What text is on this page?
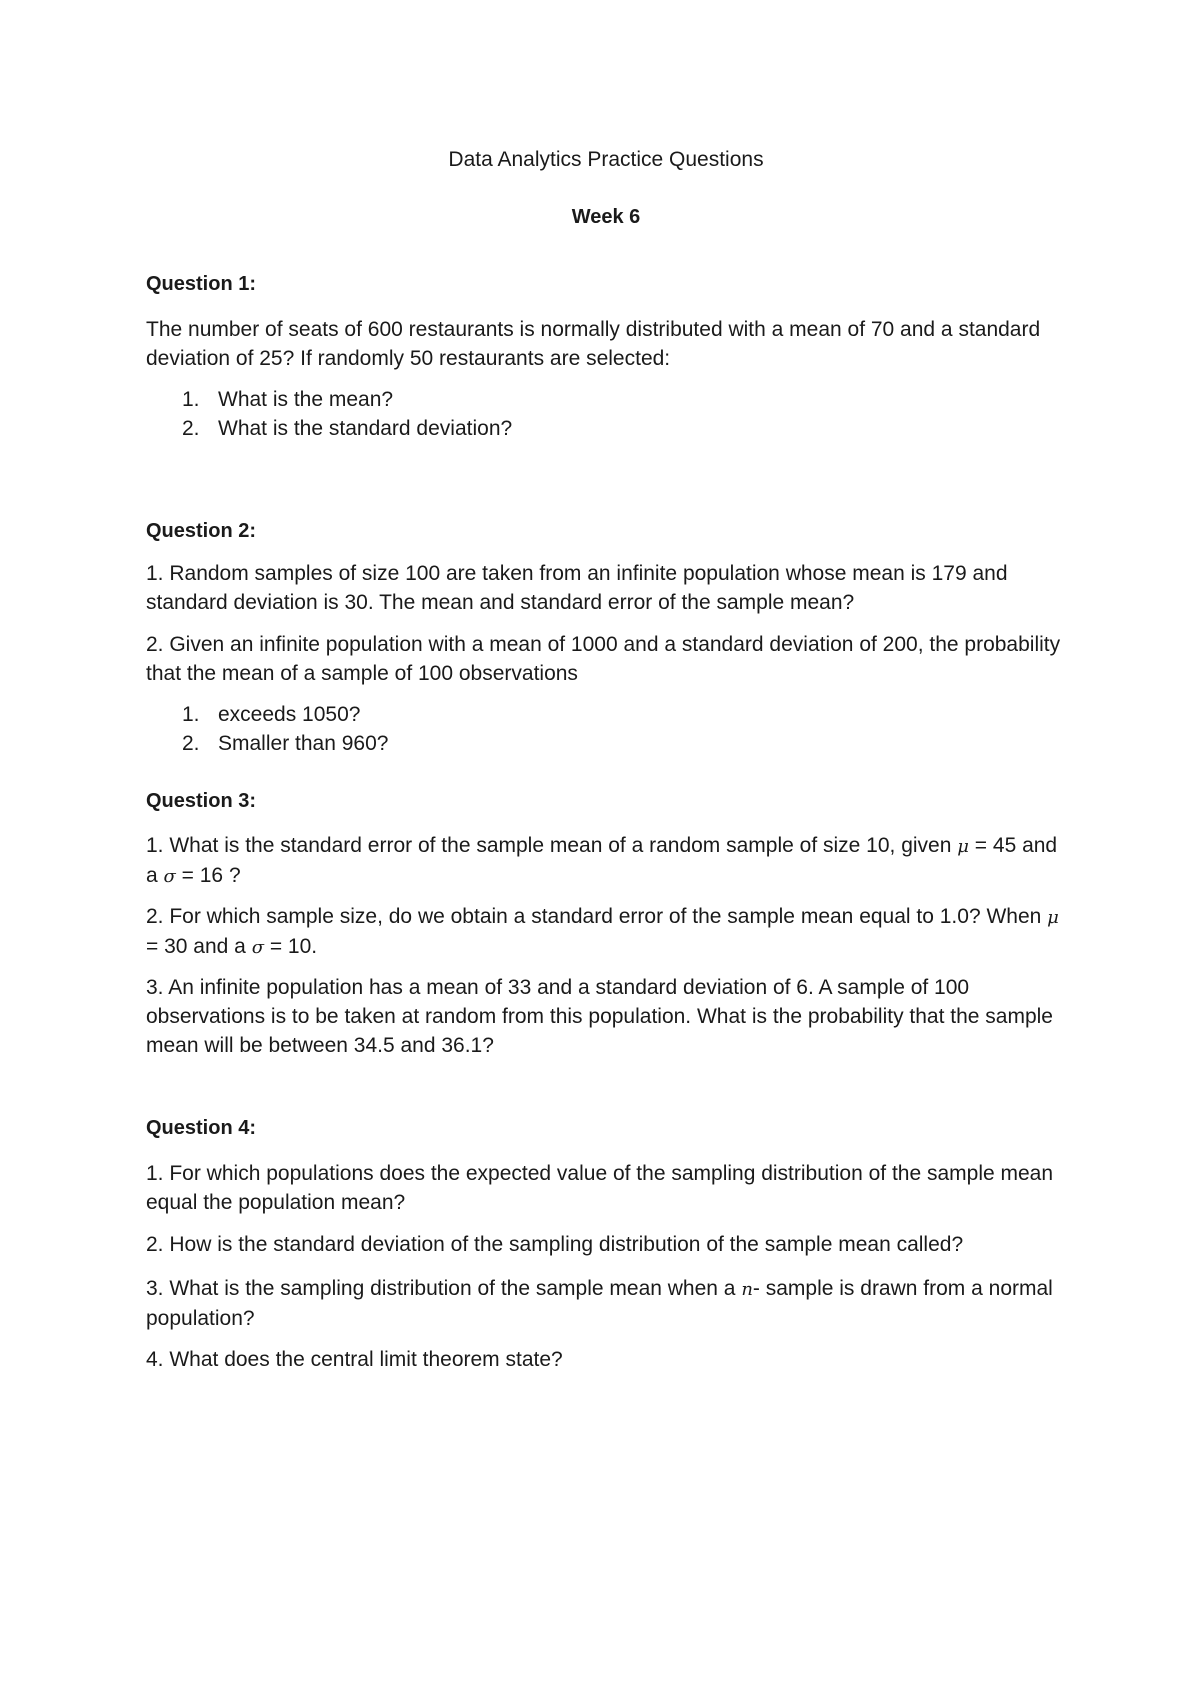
Data Analytics Practice Questions
Week 6
Question 1:

The number of seats of 600 restaurants is normally distributed with a mean of 70 and a standard deviation of 25? If randomly 50 restaurants are selected:

1. What is the mean?
2. What is the standard deviation?
Question 2:

1. Random samples of size 100 are taken from an infinite population whose mean is 179 and standard deviation is 30. The mean and standard error of the sample mean?

2. Given an infinite population with a mean of 1000 and a standard deviation of 200, the probability that the mean of a sample of 100 observations

1. exceeds 1050?
2. Smaller than 960?
Question 3:

1. What is the standard error of the sample mean of a random sample of size 10, given μ = 45 and a σ = 16 ?

2. For which sample size, do we obtain a standard error of the sample mean equal to 1.0? When μ = 30 and a σ = 10.

3. An infinite population has a mean of 33 and a standard deviation of 6. A sample of 100 observations is to be taken at random from this population. What is the probability that the sample mean will be between 34.5 and 36.1?

Question 4:

1. For which populations does the expected value of the sampling distribution of the sample mean equal the population mean?

2. How is the standard deviation of the sampling distribution of the sample mean called?

3. What is the sampling distribution of the sample mean when a n- sample is drawn from a normal population?

4. What does the central limit theorem state?
